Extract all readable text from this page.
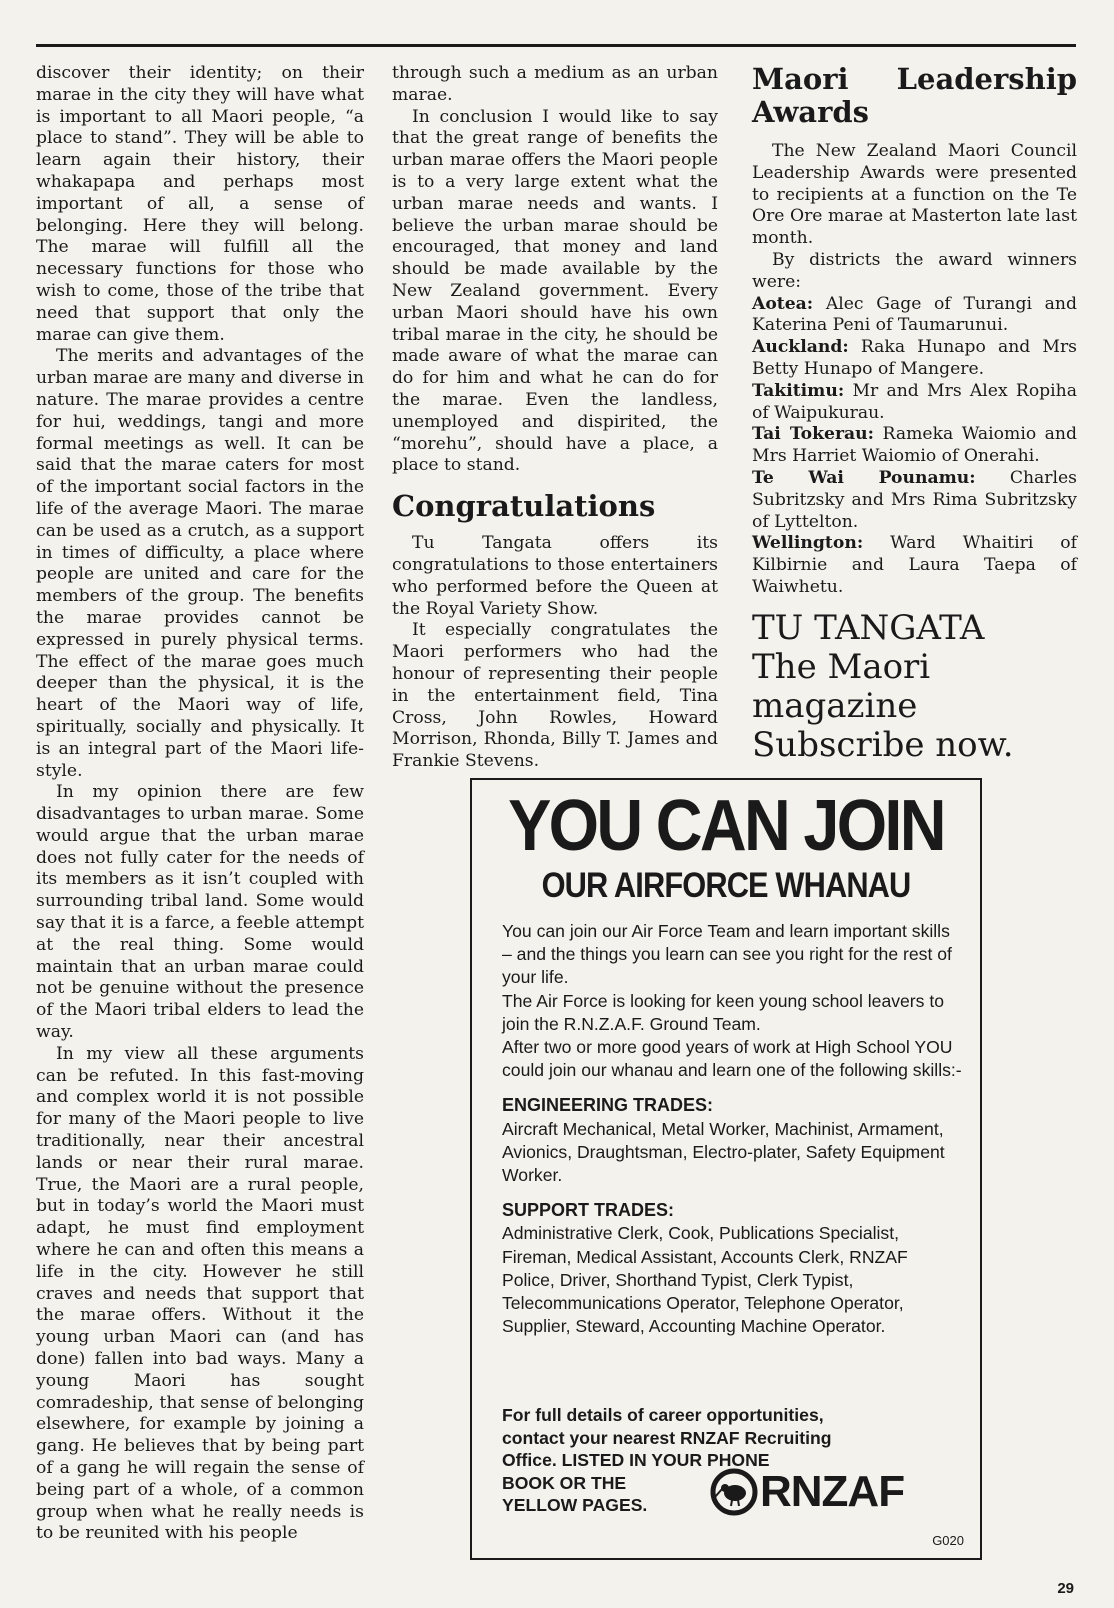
discover their identity; on their marae in the city they will have what is important to all Maori people, “a place to stand”. They will be able to learn again their history, their whakapapa and perhaps most important of all, a sense of belonging. Here they will belong. The marae will fulfill all the necessary functions for those who wish to come, those of the tribe that need that support that only the marae can give them.

The merits and advantages of the urban marae are many and diverse in nature. The marae provides a centre for hui, weddings, tangi and more formal meetings as well. It can be said that the marae caters for most of the important social factors in the life of the average Maori. The marae can be used as a crutch, as a support in times of difficulty, a place where people are united and care for the members of the group. The benefits the marae provides cannot be expressed in purely physical terms. The effect of the marae goes much deeper than the physical, it is the heart of the Maori way of life, spiritually, socially and physically. It is an integral part of the Maori life-style.

In my opinion there are few disadvantages to urban marae. Some would argue that the urban marae does not fully cater for the needs of its members as it isn’t coupled with surrounding tribal land. Some would say that it is a farce, a feeble attempt at the real thing. Some would maintain that an urban marae could not be genuine without the presence of the Maori tribal elders to lead the way.

In my view all these arguments can be refuted. In this fast-moving and complex world it is not possible for many of the Maori people to live traditionally, near their ancestral lands or near their rural marae. True, the Maori are a rural people, but in today’s world the Maori must adapt, he must find employment where he can and often this means a life in the city. However he still craves and needs that support that the marae offers. Without it the young urban Maori can (and has done) fallen into bad ways. Many a young Maori has sought comradeship, that sense of belonging elsewhere, for example by joining a gang. He believes that by being part of a gang he will regain the sense of being part of a whole, of a common group when what he really needs is to be reunited with his people

through such a medium as an urban marae.

In conclusion I would like to say that the great range of benefits the urban marae offers the Maori people is to a very large extent what the urban marae needs and wants. I believe the urban marae should be encouraged, that money and land should be made available by the New Zealand government. Every urban Maori should have his own tribal marae in the city, he should be made aware of what the marae can do for him and what he can do for the marae. Even the landless, unemployed and dispirited, the “morehu”, should have a place, a place to stand.

Congratulations

Tu Tangata offers its congratulations to those entertainers who performed before the Queen at the Royal Variety Show.

It especially congratulates the Maori performers who had the honour of representing their people in the entertainment field, Tina Cross, John Rowles, Howard Morrison, Rhonda, Billy T. James and Frankie Stevens.

Maori Leadership Awards

The New Zealand Maori Council Leadership Awards were presented to recipients at a function on the Te Ore Ore marae at Masterton late last month.

By districts the award winners were:

Aotea: Alec Gage of Turangi and Katerina Peni of Taumarunui.

Auckland: Raka Hunapo and Mrs Betty Hunapo of Mangere.

Takitimu: Mr and Mrs Alex Ropiha of Waipukurau.

Tai Tokerau: Rameka Waiomio and Mrs Harriet Waiomio of Onerahi.

Te Wai Pounamu: Charles Subritzsky and Mrs Rima Subritzsky of Lyttelton.

Wellington: Ward Whaitiri of Kilbirnie and Laura Taepa of Waiwhetu.

TU TANGATA
The Maori
magazine
Subscribe now.
YOU CAN JOIN
OUR AIRFORCE WHANAU

You can join our Air Force Team and learn important skills – and the things you learn can see you right for the rest of your life.

The Air Force is looking for keen young school leavers to join the R.N.Z.A.F. Ground Team.

After two or more good years of work at High School YOU could join our whanau and learn one of the following skills:-

ENGINEERING TRADES:

Aircraft Mechanical, Metal Worker, Machinist, Armament, Avionics, Draughtsman, Electro-plater, Safety Equipment Worker.

SUPPORT TRADES:

Administrative Clerk, Cook, Publications Specialist, Fireman, Medical Assistant, Accounts Clerk, RNZAF Police, Driver, Shorthand Typist, Clerk Typist, Telecommunications Operator, Telephone Operator, Supplier, Steward, Accounting Machine Operator.

For full details of career opportunities,
contact your nearest RNZAF Recruiting
Office. LISTED IN YOUR PHONE
BOOK OR THE
YELLOW PAGES.	RNZAF
G020
29
